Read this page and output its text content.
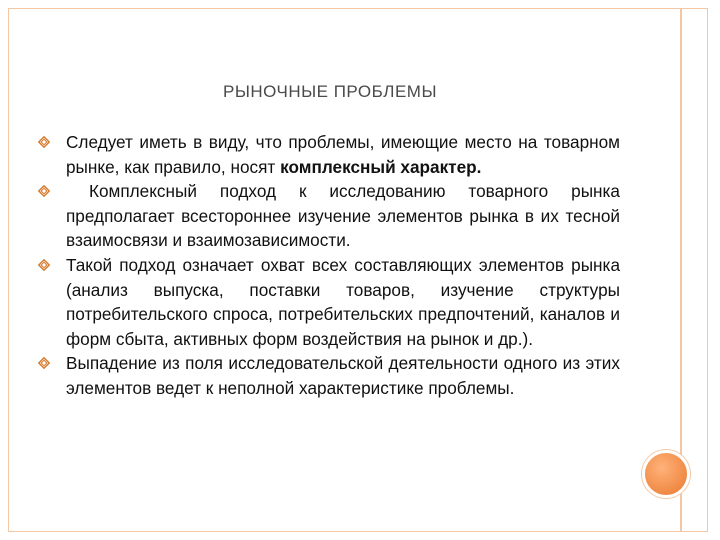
РЫНОЧНЫЕ ПРОБЛЕМЫ
Следует иметь в виду, что проблемы, имеющие место на товарном рынке, как правило, носят комплексный характер.
Комплексный подход к исследованию товарного рынка предполагает всестороннее изучение элементов рынка в их тесной взаимосвязи и взаимозависимости.
Такой подход означает охват всех составляющих элементов рынка (анализ выпуска, поставки товаров, изучение структуры потребительского спроса, потребительских предпочтений, каналов и форм сбыта, активных форм воздействия на рынок и др.).
Выпадение из поля исследовательской деятельности одного из этих элементов ведет к неполной характеристике проблемы.
